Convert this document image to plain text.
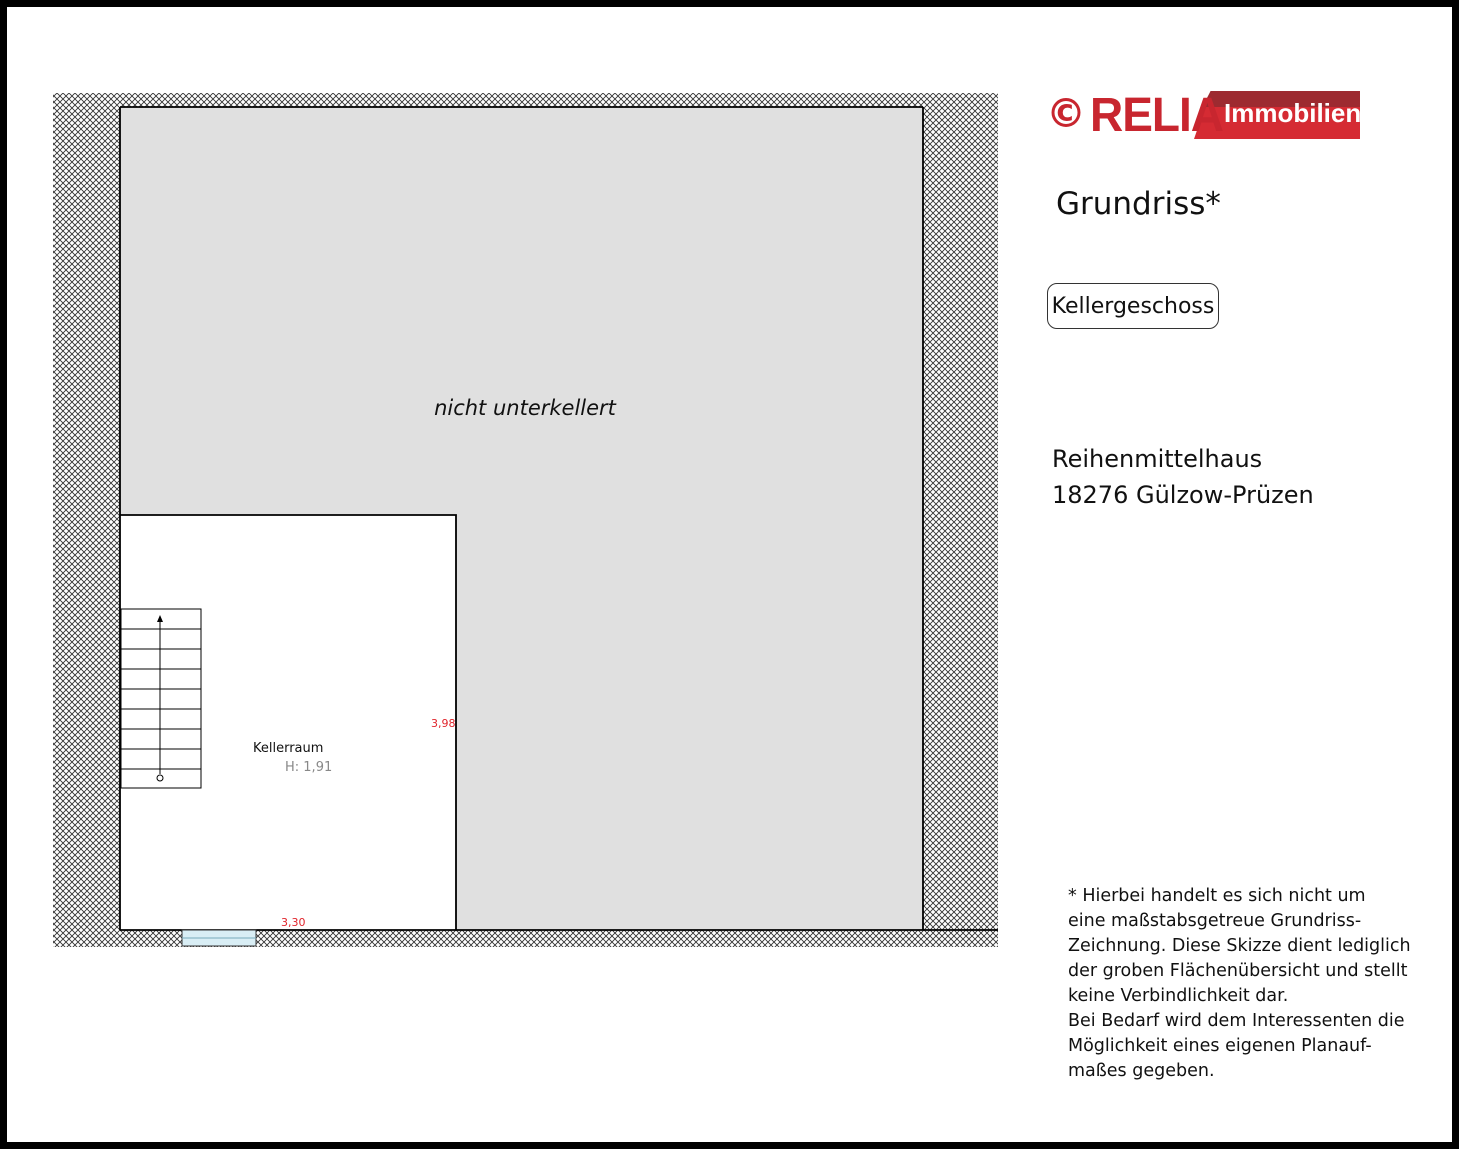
nicht unterkellert
Kellerraum
H: 1,91
3,98
3,30
© RELIA Immobilien
Grundriss*
Kellergeschoss
Reihenmittelhaus
18276 Gülzow-Prüzen
* Hierbei handelt es sich nicht um
eine maßstabsgetreue Grundriss-
Zeichnung. Diese Skizze dient lediglich
der groben Flächenübersicht und stellt
keine Verbindlichkeit dar.
Bei Bedarf wird dem Interessenten die
Möglichkeit eines eigenen Planauf-
maßes gegeben.
